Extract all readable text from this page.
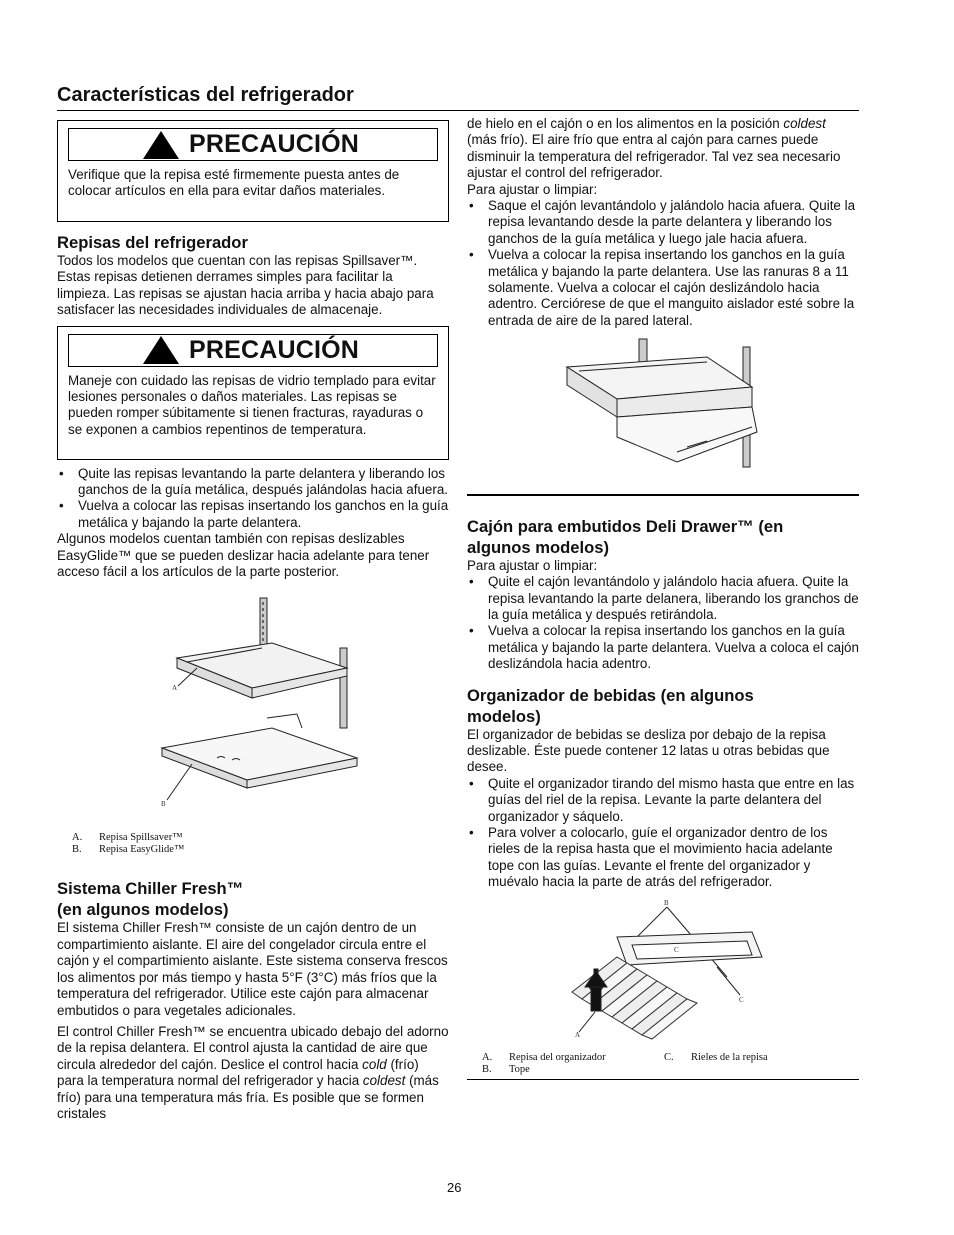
Características del refrigerador
PRECAUCIÓN

Verifique que la repisa esté firmemente puesta antes de colocar artículos en ella para evitar daños materiales.

Repisas del refrigerador

Todos los modelos que cuentan con las repisas Spillsaver™. Estas repisas detienen derrames simples para facilitar la limpieza. Las repisas se ajustan hacia arriba y hacia abajo para satisfacer las necesidades individuales de almacenaje.

PRECAUCIÓN

Maneje con cuidado las repisas de vidrio templado para evitar lesiones personales o daños materiales. Las repisas se pueden romper súbitamente si tienen fracturas, rayaduras o se exponen a cambios repentinos de temperatura.

• Quite las repisas levantando la parte delantera y liberando los ganchos de la guía metálica, después jalándolas hacia afuera.
• Vuelva a colocar las repisas insertando los ganchos en la guía metálica y bajando la parte delantera.

Algunos modelos cuentan también con repisas deslizables EasyGlide™ que se pueden deslizar hacia adelante para tener acceso fácil a los artículos de la parte posterior.

A
B
A. Repisa Spillsaver™
B. Repisa EasyGlide™
Sistema Chiller Fresh™
(en algunos modelos)

El sistema Chiller Fresh™ consiste de un cajón dentro de un compartimiento aislante. El aire del congelador circula entre el cajón y el compartimiento aislante. Este sistema conserva frescos los alimentos por más tiempo y hasta 5°F (3°C) más fríos que la temperatura del refrigerador. Utilice este cajón para almacenar embutidos o para vegetales adicionales.

El control Chiller Fresh™ se encuentra ubicado debajo del adorno de la repisa delantera. El control ajusta la cantidad de aire que circula alrededor del cajón. Deslice el control hacia cold (frío) para la temperatura normal del refrigerador y hacia coldest (más frío) para una temperatura más fría. Es posible que se formen cristales

de hielo en el cajón o en los alimentos en la posición coldest (más frío). El aire frío que entra al cajón para carnes puede disminuir la temperatura del refrigerador. Tal vez sea necesario ajustar el control del refrigerador.

Para ajustar o limpiar:

• Saque el cajón levantándolo y jalándolo hacia afuera. Quite la repisa levantando desde la parte delantera y liberando los ganchos de la guía metálica y luego jale hacia afuera.
• Vuelva a colocar la repisa insertando los ganchos en la guía metálica y bajando la parte delantera. Use las ranuras 8 a 11 solamente. Vuelva a colocar el cajón deslizándolo hacia adentro. Cerciórese de que el manguito aislador esté sobre la entrada de aire de la pared lateral.
Cajón para embutidos Deli Drawer™ (en
algunos modelos)

Para ajustar o limpiar:

• Quite el cajón levantándolo y jalándolo hacia afuera. Quite la repisa levantando la parte delanera, liberando los granchos de la guía metálica y después retirándola.
• Vuelva a colocar la repisa insertando los ganchos en la guía metálica y bajando la parte delantera. Vuelva a coloca el cajón deslizándola hacia adentro.
Organizador de bebidas (en algunos
modelos)

El organizador de bebidas se desliza por debajo de la repisa deslizable. Éste puede contener 12 latas u otras bebidas que desee.

• Quite el organizador tirando del mismo hasta que entre en las guías del riel de la repisa. Levante la parte delantera del organizador y sáquelo.
• Para volver a colocarlo, guíe el organizador dentro de los rieles de la repisa hasta que el movimiento hacia adelante tope con las guías. Levante el frente del organizador y muévalo hacia la parte de atrás del refrigerador.
B
C
A
C
A. Repisa del organizador	C. Rieles de la repisa
B. Tope
26
